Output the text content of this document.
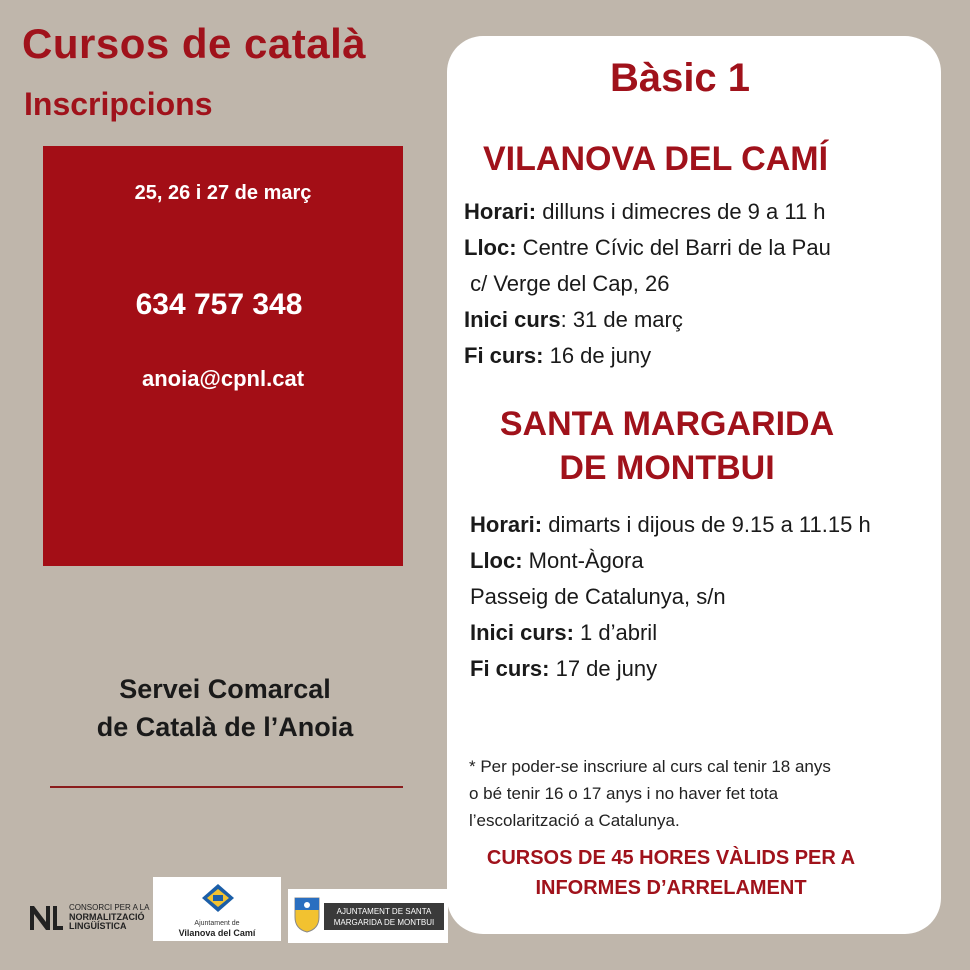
Cursos de català
Inscripcions
25, 26 i 27 de març
634 757 348
anoia@cpnl.cat
Servei Comarcal
de Català de l’Anoia
CONSORCI PER A LA
NORMALITZACIÓ
LINGÜÍSTICA	Ajuntament de
Vilanova del Camí
AJUNTAMENT DE SANTA
MARGARIDA DE MONTBUI
Bàsic 1
VILANOVA DEL CAMÍ
Horari: dilluns i dimecres de 9 a 11 h
Lloc: Centre Cívic del Barri de la Pau
c/ Verge del Cap, 26
Inici curs: 31 de març
Fi curs: 16 de juny
SANTA MARGARIDA
DE MONTBUI
Horari: dimarts i dijous de 9.15 a 11.15 h
Lloc: Mont-Àgora
Passeig de Catalunya, s/n
Inici curs: 1 d’abril
Fi curs: 17 de juny
* Per poder-se inscriure al curs cal tenir 18 anys
o bé tenir 16 o 17 anys i no haver fet tota
l’escolarització a Catalunya.
CURSOS DE 45 HORES VÀLIDS PER A
INFORMES D’ARRELAMENT
